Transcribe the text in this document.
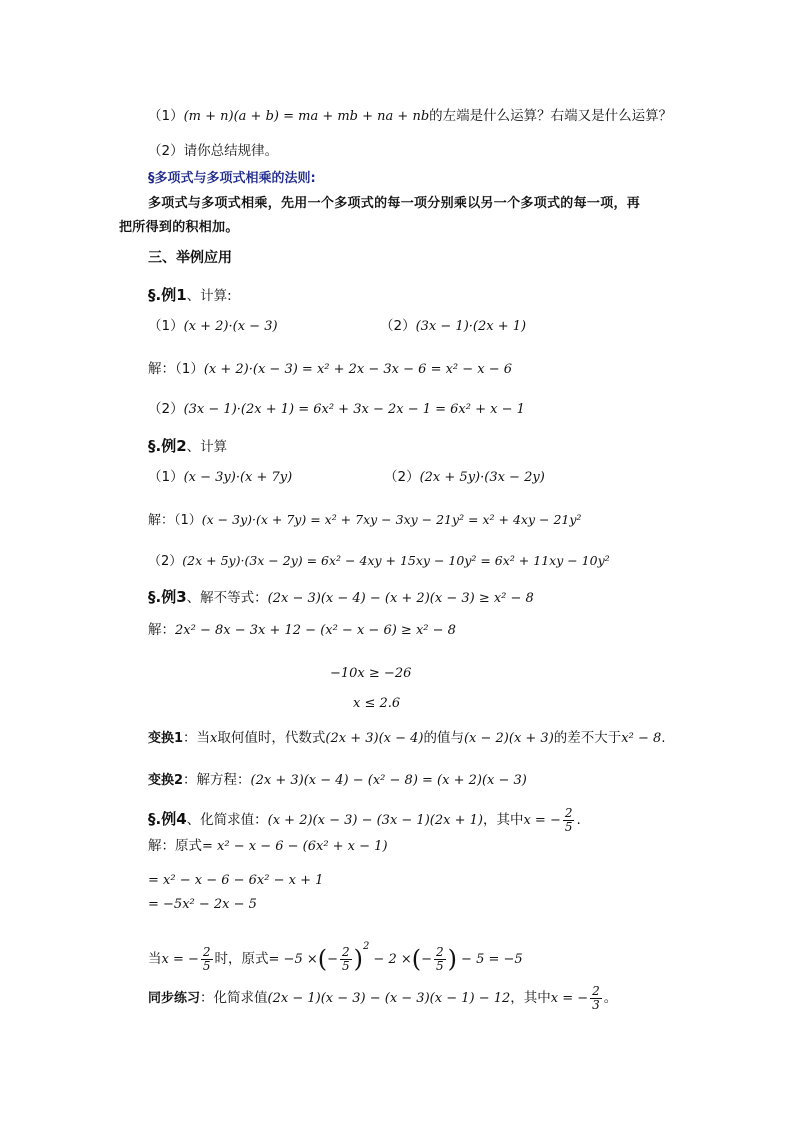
（1）(m + n)(a + b) = ma + mb + na + nb的左端是什么运算？右端又是什么运算？
（2）请你总结规律。
§多项式与多项式相乘的法则:
多项式与多项式相乘，先用一个多项式的每一项分别乘以另一个多项式的每一项，再
把所得到的积相加。
三、举例应用
§.例1、计算:
（1）(x + 2)·(x − 3)	（2）(3x − 1)·(2x + 1)
解：（1）(x + 2)·(x − 3) = x² + 2x − 3x − 6 = x² − x − 6
（2）(3x − 1)·(2x + 1) = 6x² + 3x − 2x − 1 = 6x² + x − 1
§.例2、计算
（1）(x − 3y)·(x + 7y)	（2）(2x + 5y)·(3x − 2y)
解：（1）(x − 3y)·(x + 7y) = x² + 7xy − 3xy − 21y² = x² + 4xy − 21y²
（2）(2x + 5y)·(3x − 2y) = 6x² − 4xy + 15xy − 10y² = 6x² + 11xy − 10y²
§.例3、解不等式：(2x − 3)(x − 4) − (x + 2)(x − 3) ≥ x² − 8
解：2x² − 8x − 3x + 12 − (x² − x − 6) ≥ x² − 8
−10x ≥ −26
x ≤ 2.6
变换1：当x取何值时，代数式(2x + 3)(x − 4)的值与(x − 2)(x + 3)的差不大于x² − 8.
变换2：解方程：(2x + 3)(x − 4) − (x² − 8) = (x + 2)(x − 3)
§.例4、化简求值：(x + 2)(x − 3) − (3x − 1)(2x + 1)，其中x = − $\frac{2}{5}$ .
解：原式= x² − x − 6 − (6x² + x − 1)
= x² − x − 6 − 6x² − x + 1
= −5x² − 2x − 5
当x = − $\frac{2}{5}$ 时，原式= −5 ×(− $\frac{2}{5} )^2- 2$ ×(− $\frac{2}{5}$ ) − 5 = −5
同步练习：化简求值(2x − 1)(x − 3) − (x − 3)(x − 1) − 12，其中x = − $\frac{2}{3}$ 。
